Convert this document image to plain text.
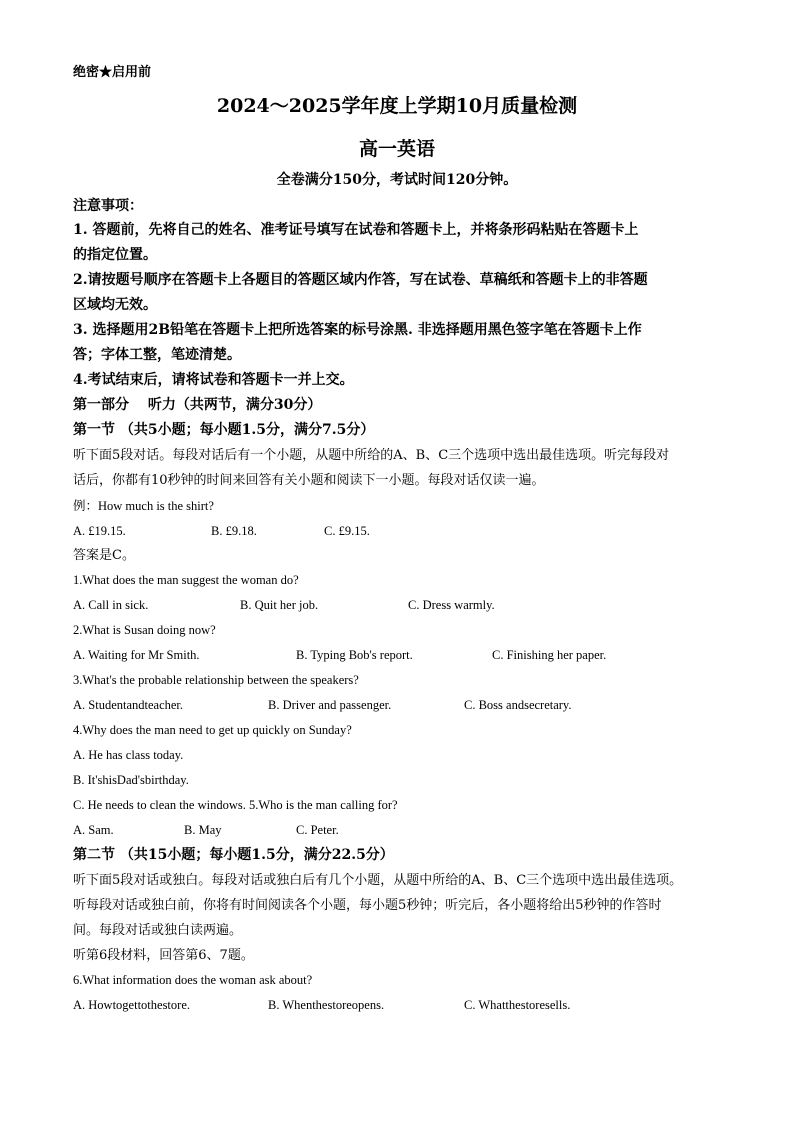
绝密★启用前
2024～2025学年度上学期10月质量检测
高一英语
全卷满分150分，考试时间120分钟。
注意事项：
1. 答题前，先将自己的姓名、准考证号填写在试卷和答题卡上，并将条形码粘贴在答题卡上
的指定位置。
2.请按题号顺序在答题卡上各题目的答题区域内作答，写在试卷、草稿纸和答题卡上的非答题
区域均无效。
3. 选择题用2B铅笔在答题卡上把所选答案的标号涂黑. 非选择题用黑色签字笔在答题卡上作
答；字体工整，笔迹清楚。
4.考试结束后，请将试卷和答题卡一并上交。
第一部分　 听力（共两节，满分30分）
第一节 （共5小题；每小题1.5分，满分7.5分）
听下面5段对话。每段对话后有一个小题，从题中所给的A、B、C三个选项中选出最佳选项。听完每段对
话后，你都有10秒钟的时间来回答有关小题和阅读下一小题。每段对话仅读一遍。
例：How much is the shirt?
A. £19.15.	B. £9.18.	C. £9.15.
答案是C。
1.What does the man suggest the woman do?
A. Call in sick.	B. Quit her job.	C. Dress warmly.
2.What is Susan doing now?
A. Waiting for Mr Smith.	B. Typing Bob's report.	C. Finishing her paper.
3.What's the probable relationship between the speakers?
A. Studentandteacher.	B. Driver and passenger.	C. Boss andsecretary.
4.Why does the man need to get up quickly on Sunday?
A. He has class today.
B. It'shisDad'sbirthday.
C. He needs to clean the windows. 5.Who is the man calling for?
A. Sam.	B. May	C. Peter.
第二节 （共15小题；每小题1.5分，满分22.5分）
听下面5段对话或独白。每段对话或独白后有几个小题，从题中所给的A、B、C三个选项中选出最佳选项。
听每段对话或独白前，你将有时间阅读各个小题，每小题5秒钟；听完后，各小题将给出5秒钟的作答时
间。每段对话或独白读两遍。
听第6段材料，回答第6、7题。
6.What information does the woman ask about?
A. Howtogettothestore.	B. Whenthestoreopens.	C. Whatthestoresells.
